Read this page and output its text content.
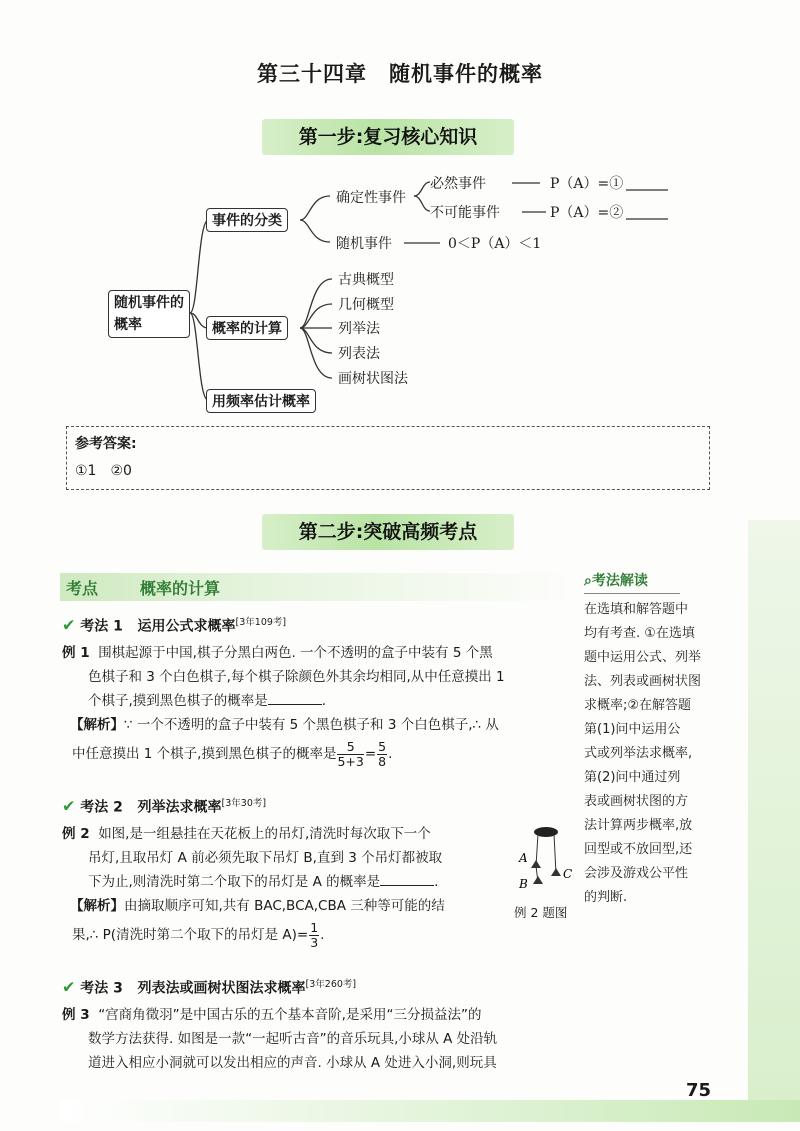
第三十四章　随机事件的概率
第一步:复习核心知识
随机事件的概率
事件的分类
确定性事件
必然事件	P（A）=①
不可能事件	P（A）=②
随机事件	0＜P（A）＜1
概率的计算
古典概型
几何概型
列举法
列表法
画树状图法
用频率估计概率
参考答案:
①1　②0
第二步:突破高频考点
考点	概率的计算
✔ 考法 1 运用公式求概率[3年109考]
例 1 围棋起源于中国,棋子分黑白两色. 一个不透明的盒子中装有 5 个黑
色棋子和 3 个白色棋子,每个棋子除颜色外其余均相同,从中任意摸出 1
个棋子,摸到黑色棋子的概率是	.
【解析】∵ 一个不透明的盒子中装有 5 个黑色棋子和 3 个白色棋子,∴ 从
中任意摸出 1 个棋子,摸到黑色棋子的概率是 $\frac{5}{5+3} = \frac{5}{8}$ .
✔ 考法 2 列举法求概率[3年30考]
例 2 如图,是一组悬挂在天花板上的吊灯,清洗时每次取下一个
吊灯,且取吊灯 A 前必须先取下吊灯 B,直到 3 个吊灯都被取
下为止,则清洗时第二个取下的吊灯是 A 的概率是	.
【解析】由摘取顺序可知,共有 BAC,BCA,CBA 三种等可能的结
果,∴ P(清洗时第二个取下的吊灯是 $A)= \frac{1}{3}$ .
A
B
C
例 2 题图
✔ 考法 3 列表法或画树状图法求概率[3年260考]
例 3 “宫商角徵羽”是中国古乐的五个基本音阶,是采用“三分损益法”的
数学方法获得. 如图是一款“一起听古音”的音乐玩具,小球从 A 处沿轨
道进入相应小洞就可以发出相应的声音. 小球从 A 处进入小洞,则玩具
⌕考法解读
在选填和解答题中
均有考查. ①在选填
题中运用公式、列举
法、列表或画树状图
求概率;②在解答题
第(1)问中运用公
式或列举法求概率,
第(2)问中通过列
表或画树状图的方
法计算两步概率,放
回型或不放回型,还
会涉及游戏公平性
的判断.
75
